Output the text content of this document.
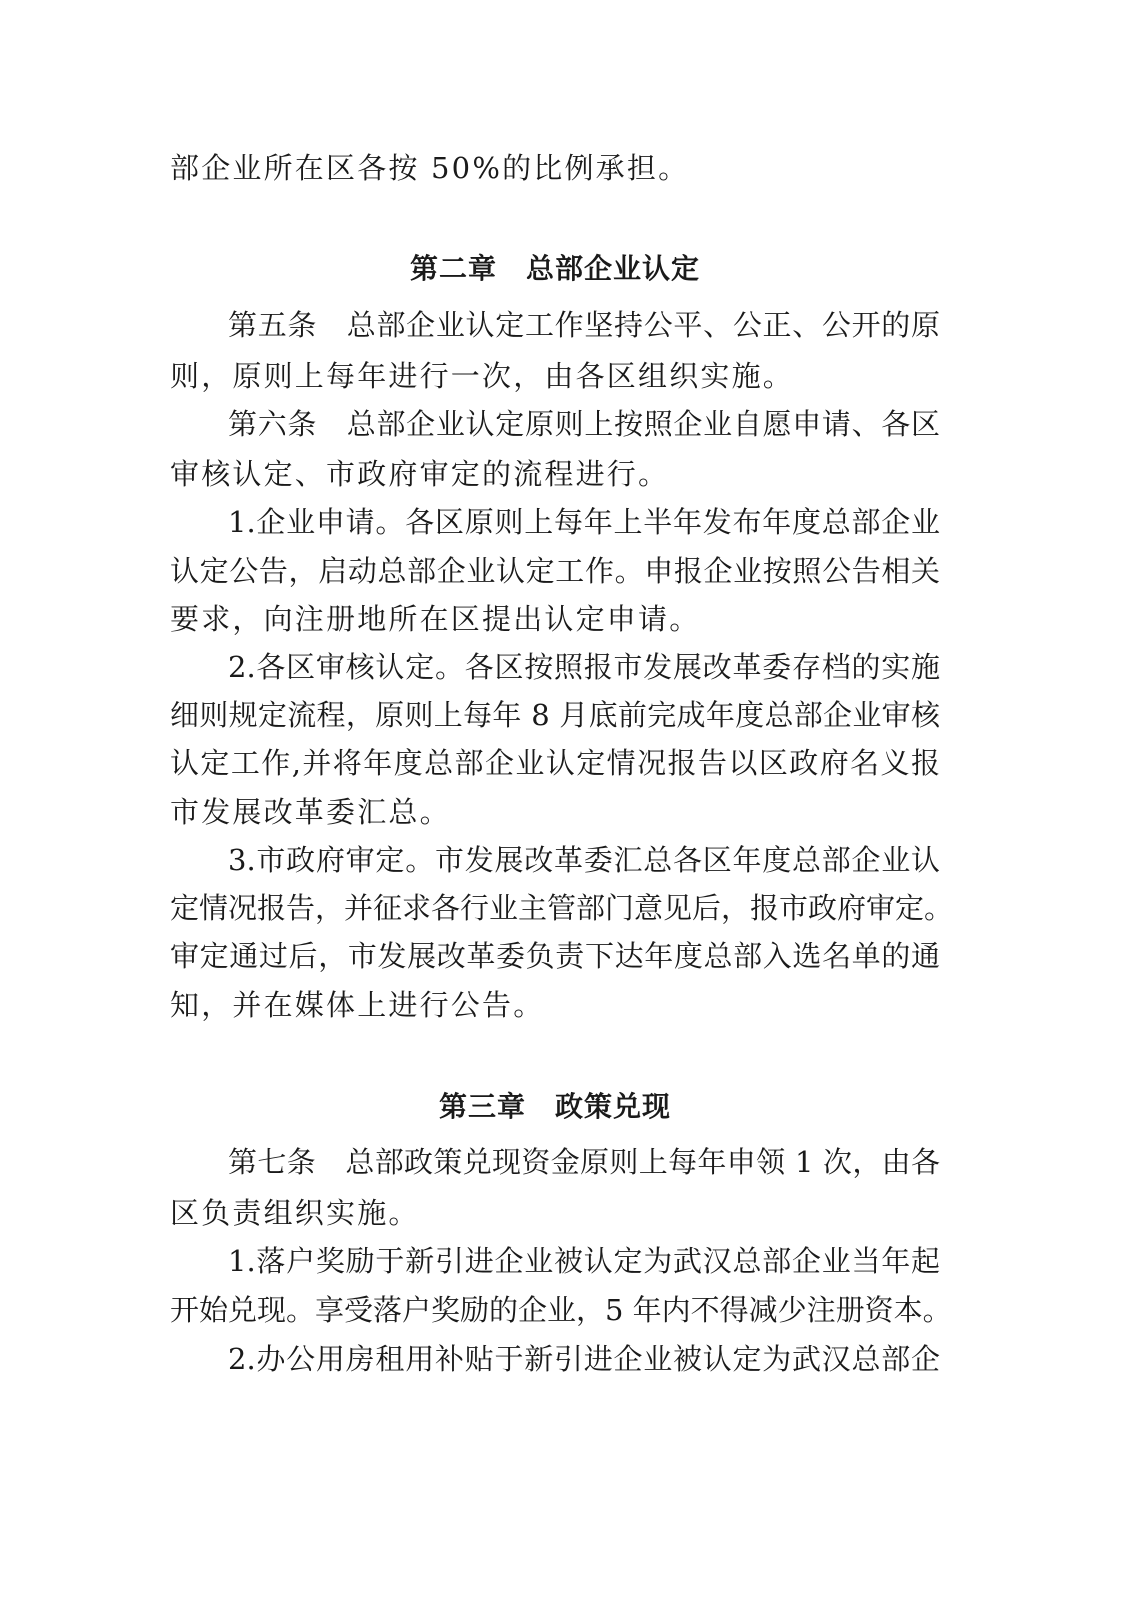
部企业所在区各按 50%的比例承担。
第二章　总部企业认定
第五条　总部企业认定工作坚持公平、公正、公开的原
则，原则上每年进行一次，由各区组织实施。
第六条　总部企业认定原则上按照企业自愿申请、各区
审核认定、市政府审定的流程进行。
1.企业申请。各区原则上每年上半年发布年度总部企业
认定公告，启动总部企业认定工作。申报企业按照公告相关
要求，向注册地所在区提出认定申请。
2.各区审核认定。各区按照报市发展改革委存档的实施
细则规定流程，原则上每年 8 月底前完成年度总部企业审核
认定工作,并将年度总部企业认定情况报告以区政府名义报
市发展改革委汇总。
3.市政府审定。市发展改革委汇总各区年度总部企业认
定情况报告，并征求各行业主管部门意见后，报市政府审定。
审定通过后，市发展改革委负责下达年度总部入选名单的通
知，并在媒体上进行公告。
第三章　政策兑现
第七条　总部政策兑现资金原则上每年申领 1 次，由各
区负责组织实施。
1.落户奖励于新引进企业被认定为武汉总部企业当年起
开始兑现。享受落户奖励的企业，5 年内不得减少注册资本。
2.办公用房租用补贴于新引进企业被认定为武汉总部企
